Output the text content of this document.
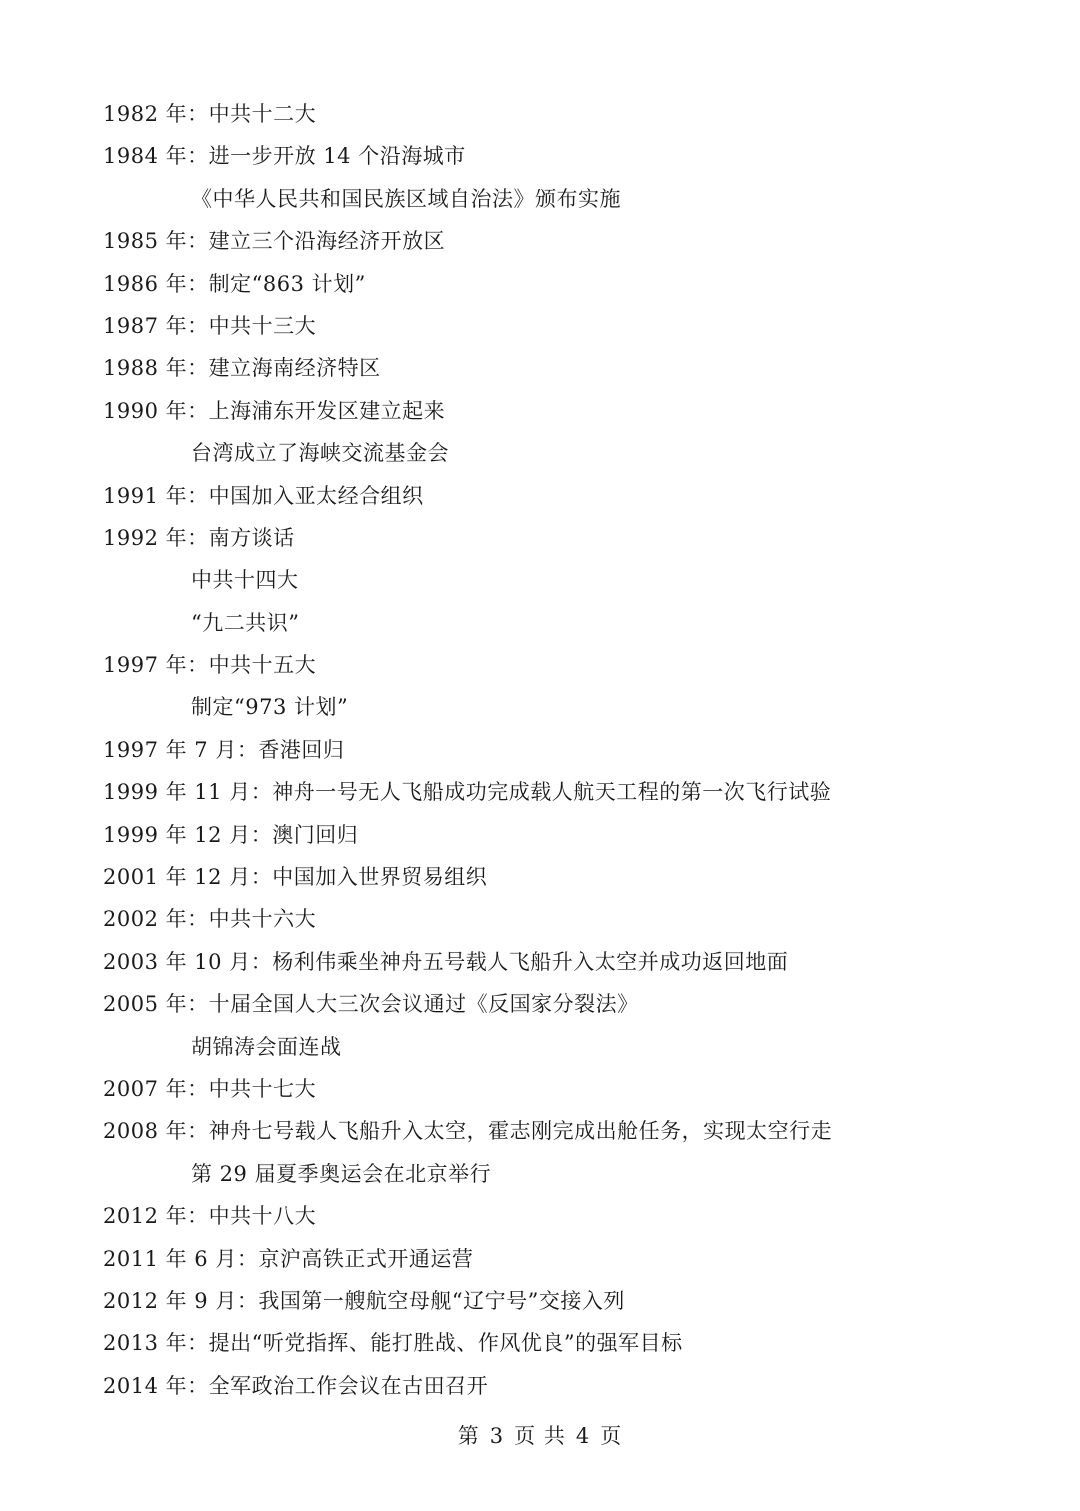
1982 年：中共十二大
1984 年：进一步开放 14 个沿海城市
《中华人民共和国民族区域自治法》颁布实施
1985 年：建立三个沿海经济开放区
1986 年：制定“863 计划”
1987 年：中共十三大
1988 年：建立海南经济特区
1990 年：上海浦东开发区建立起来
台湾成立了海峡交流基金会
1991 年：中国加入亚太经合组织
1992 年：南方谈话
中共十四大
“九二共识”
1997 年：中共十五大
制定“973 计划”
1997 年 7 月：香港回归
1999 年 11 月：神舟一号无人飞船成功完成载人航天工程的第一次飞行试验
1999 年 12 月：澳门回归
2001 年 12 月：中国加入世界贸易组织
2002 年：中共十六大
2003 年 10 月：杨利伟乘坐神舟五号载人飞船升入太空并成功返回地面
2005 年：十届全国人大三次会议通过《反国家分裂法》
胡锦涛会面连战
2007 年：中共十七大
2008 年：神舟七号载人飞船升入太空，霍志刚完成出舱任务，实现太空行走
第 29 届夏季奥运会在北京举行
2012 年：中共十八大
2011 年 6 月：京沪高铁正式开通运营
2012 年 9 月：我国第一艘航空母舰“辽宁号”交接入列
2013 年：提出“听党指挥、能打胜战、作风优良”的强军目标
2014 年：全军政治工作会议在古田召开
第 3 页 共 4 页
